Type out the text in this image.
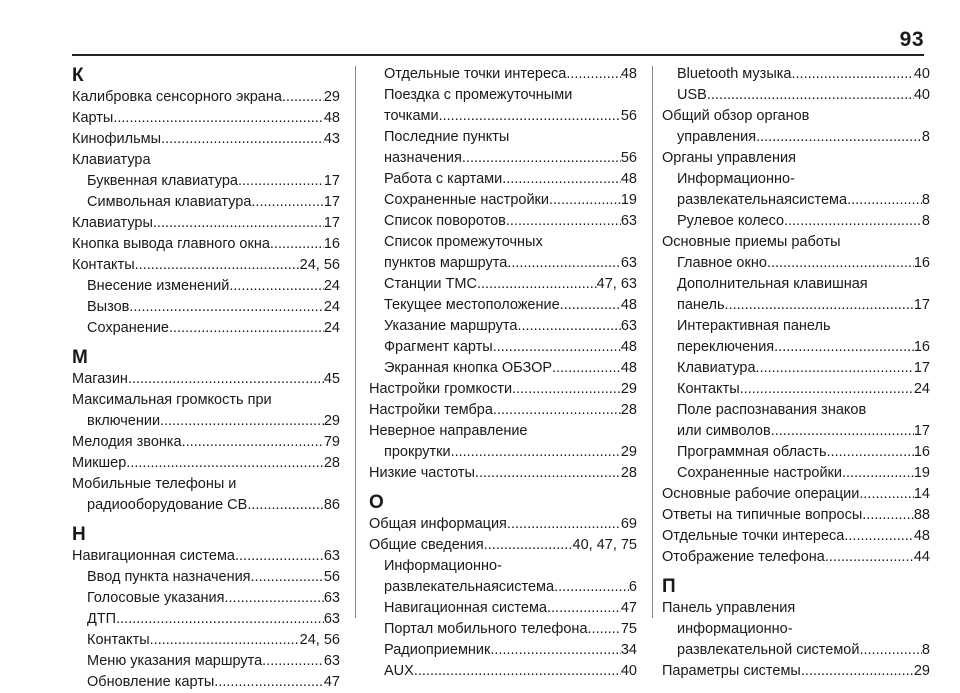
93
К
Калибровка сенсорного экрана .....	29
Карты .....	48
Кинофильмы .....	43
Клавиатура
Буквенная клавиатура .....	17
Символьная клавиатура .....	17
Клавиатуры .....	17
Кнопка вывода главного окна .....	16
Контакты .....	24, 56
Внесение изменений .....	24
Вызов .....	24
Сохранение .....	24
М
Магазин .....	45
Максимальная громкость при
включении .....	29
Мелодия звонка .....	79
Микшер .....	28
Мобильные телефоны и
радиооборудование СВ .....	86
Н
Навигационная система .....	63
Ввод пункта назначения .....	56
Голосовые указания .....	63
ДТП .....	63
Контакты .....	24, 56
Меню указания маршрута .....	63
Обновление карты .....	47
Отдельные точки интереса .....	48
Поездка с промежуточными
точками .....	56
Последние пункты
назначения .....	56
Работа с картами .....	48
Сохраненные настройки .....	19
Список поворотов .....	63
Список промежуточных
пунктов маршрута .....	63
Станции TMC .....	47, 63
Текущее местоположение .....	48
Указание маршрута .....	63
Фрагмент карты .....	48
Экранная кнопка ОБЗОР .....	48
Настройки громкости .....	29
Настройки тембра .....	28
Неверное направление
прокрутки .....	29
Низкие частоты .....	28
О
Общая информация .....	69
Общие сведения .....	40, 47, 75
Информационно-
развлекательнаясистема .....	6
Навигационная система .....	47
Портал мобильного телефона ..... 75
Радиоприемник .....	34
AUX .....	40
Bluetooth музыка .....	40
USB .....	40
Общий обзор органов
управления .....	8
Органы управления
Информационно-
развлекательнаясистема .....	8
Рулевое колесо .....	8
Основные приемы работы
Главное окно .....	16
Дополнительная клавишная
панель .....	17
Интерактивная панель
переключения .....	16
Клавиатура .....	17
Контакты .....	24
Поле распознавания знаков
или символов .....	17
Программная область .....	16
Сохраненные настройки .....	19
Основные рабочие операции .....	14
Ответы на типичные вопросы .....	88
Отдельные точки интереса .....	48
Отображение телефона .....	44
П
Панель управления
информационно-
развлекательной системой .....	8
Параметры системы .....	29
